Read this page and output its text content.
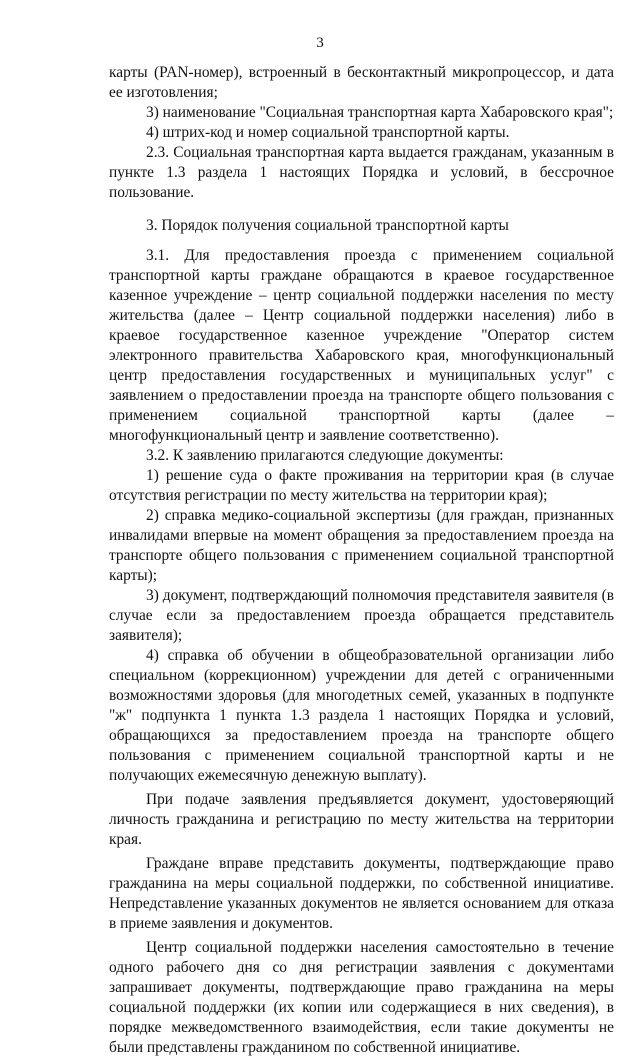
3

карты (PAN-номер), встроенный в бесконтактный микропроцессор, и дата ее изготовления;

3) наименование "Социальная транспортная карта Хабаровского края";

4) штрих-код и номер социальной транспортной карты.

2.3. Социальная транспортная карта выдается гражданам, указанным в пункте 1.3 раздела 1 настоящих Порядка и условий, в бессрочное пользование.

3. Порядок получения социальной транспортной карты

3.1. Для предоставления проезда с применением социальной транспортной карты граждане обращаются в краевое государственное казенное учреждение – центр социальной поддержки населения по месту жительства (далее – Центр социальной поддержки населения) либо в краевое государственное казенное учреждение "Оператор систем электронного правительства Хабаровского края, многофункциональный центр предоставления государственных и муниципальных услуг" с заявлением о предоставлении проезда на транспорте общего пользования с применением социальной транспортной карты (далее – многофункциональный центр и заявление соответственно).

3.2. К заявлению прилагаются следующие документы:

1) решение суда о факте проживания на территории края (в случае отсутствия регистрации по месту жительства на территории края);

2) справка медико-социальной экспертизы (для граждан, признанных инвалидами впервые на момент обращения за предоставлением проезда на транспорте общего пользования с применением социальной транспортной карты);

3) документ, подтверждающий полномочия представителя заявителя (в случае если за предоставлением проезда обращается представитель заявителя);

4) справка об обучении в общеобразовательной организации либо специальном (коррекционном) учреждении для детей с ограниченными возможностями здоровья (для многодетных семей, указанных в подпункте "ж" подпункта 1 пункта 1.3 раздела 1 настоящих Порядка и условий, обращающихся за предоставлением проезда на транспорте общего пользования с применением социальной транспортной карты и не получающих ежемесячную денежную выплату).

При подаче заявления предъявляется документ, удостоверяющий личность гражданина и регистрацию по месту жительства на территории края.

Граждане вправе представить документы, подтверждающие право гражданина на меры социальной поддержки, по собственной инициативе. Непредставление указанных документов не является основанием для отказа в приеме заявления и документов.

Центр социальной поддержки населения самостоятельно в течение одного рабочего дня со дня регистрации заявления с документами запрашивает документы, подтверждающие право гражданина на меры социальной поддержки (их копии или содержащиеся в них сведения), в порядке межведомственного взаимодействия, если такие документы не были представлены гражданином по собственной инициативе.
